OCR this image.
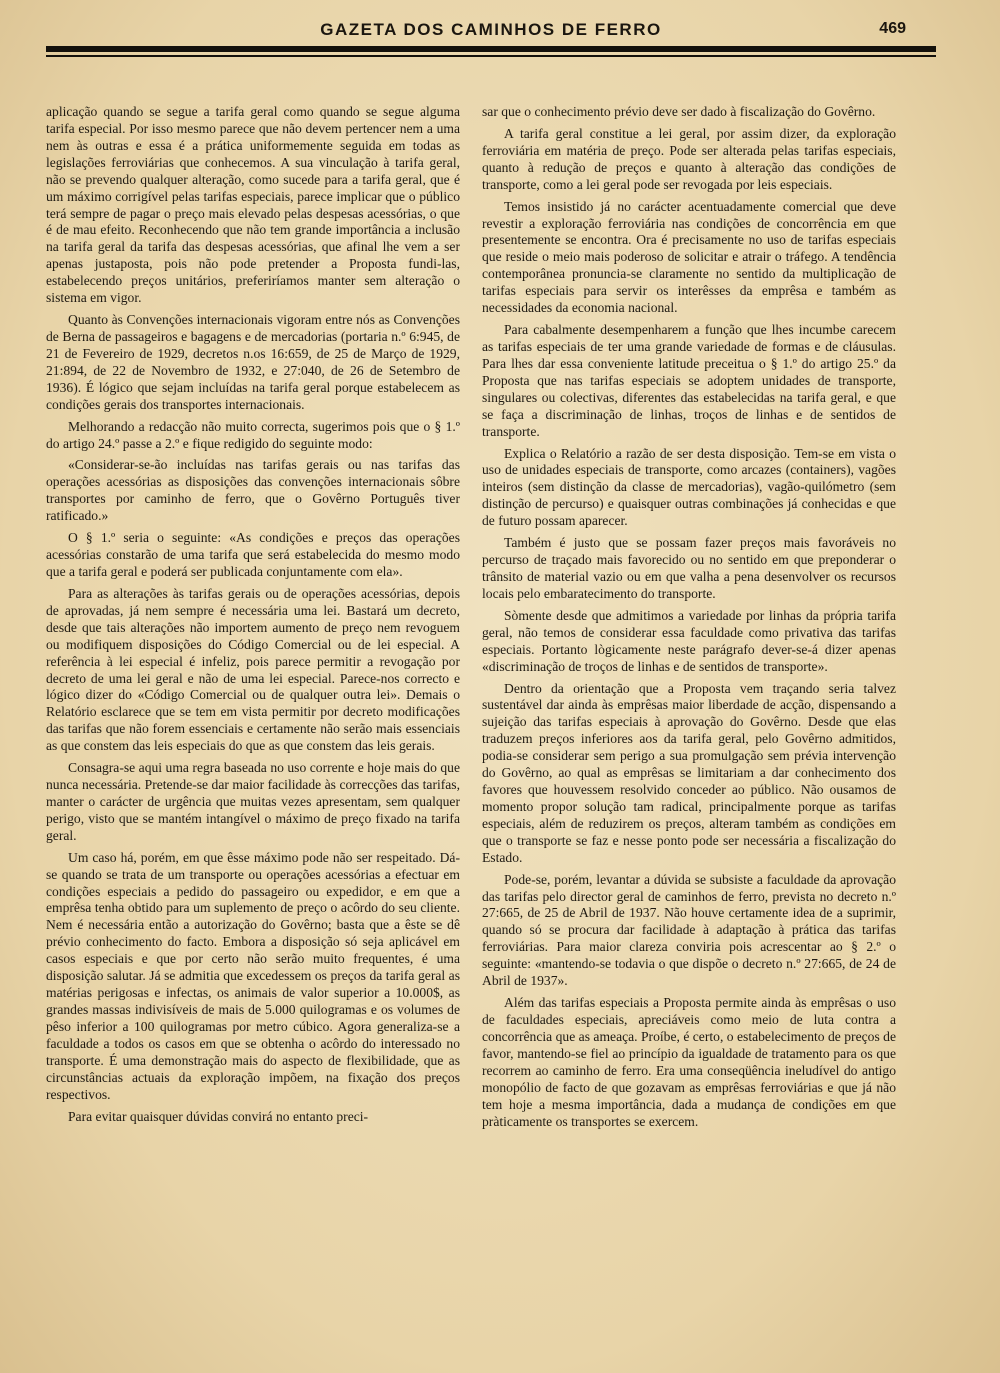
GAZETA DOS CAMINHOS DE FERRO	469

aplicação quando se segue a tarifa geral como quando se segue alguma tarifa especial. Por isso mesmo parece que não devem pertencer nem a uma nem às outras e essa é a prática uniformemente seguida em todas as legislações ferroviárias que conhecemos. A sua vinculação à tarifa geral, não se prevendo qualquer alteração, como sucede para a tarifa geral, que é um máximo corrigível pelas tarifas especiais, parece implicar que o público terá sempre de pagar o preço mais elevado pelas despesas acessórias, o que é de mau efeito. Reconhecendo que não tem grande importância a inclusão na tarifa geral da tarifa das despesas acessórias, que afinal lhe vem a ser apenas justaposta, pois não pode pretender a Proposta fundi-las, estabelecendo preços unitários, preferiríamos manter sem alteração o sistema em vigor.

Quanto às Convenções internacionais vigoram entre nós as Convenções de Berna de passageiros e bagagens e de mercadorias (portaria n.º 6:945, de 21 de Fevereiro de 1929, decretos n.os 16:659, de 25 de Março de 1929, 21:894, de 22 de Novembro de 1932, e 27:040, de 26 de Setembro de 1936). É lógico que sejam incluídas na tarifa geral porque estabelecem as condições gerais dos transportes internacionais.

Melhorando a redacção não muito correcta, sugerimos pois que o § 1.º do artigo 24.º passe a 2.º e fique redigido do seguinte modo:

«Considerar-se-ão incluídas nas tarifas gerais ou nas tarifas das operações acessórias as disposições das convenções internacionais sôbre transportes por caminho de ferro, que o Govêrno Português tiver ratificado.»

O § 1.º seria o seguinte: «As condições e preços das operações acessórias constarão de uma tarifa que será estabelecida do mesmo modo que a tarifa geral e poderá ser publicada conjuntamente com ela».

Para as alterações às tarifas gerais ou de operações acessórias, depois de aprovadas, já nem sempre é necessária uma lei. Bastará um decreto, desde que tais alterações não importem aumento de preço nem revoguem ou modifiquem disposições do Código Comercial ou de lei especial. A referência à lei especial é infeliz, pois parece permitir a revogação por decreto de uma lei geral e não de uma lei especial. Parece-nos correcto e lógico dizer do «Código Comercial ou de qualquer outra lei». Demais o Relatório esclarece que se tem em vista permitir por decreto modificações das tarifas que não forem essenciais e certamente não serão mais essenciais as que constem das leis especiais do que as que constem das leis gerais.

Consagra-se aqui uma regra baseada no uso corrente e hoje mais do que nunca necessária. Pretende-se dar maior facilidade às correcções das tarifas, manter o carácter de urgência que muitas vezes apresentam, sem qualquer perigo, visto que se mantém intangível o máximo de preço fixado na tarifa geral.

Um caso há, porém, em que êsse máximo pode não ser respeitado. Dá-se quando se trata de um transporte ou operações acessórias a efectuar em condições especiais a pedido do passageiro ou expedidor, e em que a emprêsa tenha obtido para um suplemento de preço o acôrdo do seu cliente. Nem é necessária então a autorização do Govêrno; basta que a êste se dê prévio conhecimento do facto. Embora a disposição só seja aplicável em casos especiais e que por certo não serão muito frequentes, é uma disposição salutar. Já se admitia que excedessem os preços da tarifa geral as matérias perigosas e infectas, os animais de valor superior a 10.000$, as grandes massas indivisíveis de mais de 5.000 quilogramas e os volumes de pêso inferior a 100 quilogramas por metro cúbico. Agora generaliza-se a faculdade a todos os casos em que se obtenha o acôrdo do interessado no transporte. É uma demonstração mais do aspecto de flexibilidade, que as circunstâncias actuais da exploração impõem, na fixação dos preços respectivos.

Para evitar quaisquer dúvidas convirá no entanto preci-

sar que o conhecimento prévio deve ser dado à fiscalização do Govêrno.

A tarifa geral constitue a lei geral, por assim dizer, da exploração ferroviária em matéria de preço. Pode ser alterada pelas tarifas especiais, quanto à redução de preços e quanto à alteração das condições de transporte, como a lei geral pode ser revogada por leis especiais.

Temos insistido já no carácter acentuadamente comercial que deve revestir a exploração ferroviária nas condições de concorrência em que presentemente se encontra. Ora é precisamente no uso de tarifas especiais que reside o meio mais poderoso de solicitar e atrair o tráfego. A tendência contemporânea pronuncia-se claramente no sentido da multiplicação de tarifas especiais para servir os interêsses da emprêsa e também as necessidades da economia nacional.

Para cabalmente desempenharem a função que lhes incumbe carecem as tarifas especiais de ter uma grande variedade de formas e de cláusulas. Para lhes dar essa conveniente latitude preceitua o § 1.º do artigo 25.º da Proposta que nas tarifas especiais se adoptem unidades de transporte, singulares ou colectivas, diferentes das estabelecidas na tarifa geral, e que se faça a discriminação de linhas, troços de linhas e de sentidos de transporte.

Explica o Relatório a razão de ser desta disposição. Tem-se em vista o uso de unidades especiais de transporte, como arcazes (containers), vagões inteiros (sem distinção da classe de mercadorias), vagão-quilómetro (sem distinção de percurso) e quaisquer outras combinações já conhecidas e que de futuro possam aparecer.

Também é justo que se possam fazer preços mais favoráveis no percurso de traçado mais favorecido ou no sentido em que preponderar o trânsito de material vazio ou em que valha a pena desenvolver os recursos locais pelo embaratecimento do transporte.

Sòmente desde que admitimos a variedade por linhas da própria tarifa geral, não temos de considerar essa faculdade como privativa das tarifas especiais. Portanto lògicamente neste parágrafo dever-se-á dizer apenas «discriminação de troços de linhas e de sentidos de transporte».

Dentro da orientação que a Proposta vem traçando seria talvez sustentável dar ainda às emprêsas maior liberdade de acção, dispensando a sujeição das tarifas especiais à aprovação do Govêrno. Desde que elas traduzem preços inferiores aos da tarifa geral, pelo Govêrno admitidos, podia-se considerar sem perigo a sua promulgação sem prévia intervenção do Govêrno, ao qual as emprêsas se limitariam a dar conhecimento dos favores que houvessem resolvido conceder ao público. Não ousamos de momento propor solução tam radical, principalmente porque as tarifas especiais, além de reduzirem os preços, alteram também as condições em que o transporte se faz e nesse ponto pode ser necessária a fiscalização do Estado.

Pode-se, porém, levantar a dúvida se subsiste a faculdade da aprovação das tarifas pelo director geral de caminhos de ferro, prevista no decreto n.º 27:665, de 25 de Abril de 1937. Não houve certamente idea de a suprimir, quando só se procura dar facilidade à adaptação à prática das tarifas ferroviárias. Para maior clareza conviria pois acrescentar ao § 2.º o seguinte: «mantendo-se todavia o que dispõe o decreto n.º 27:665, de 24 de Abril de 1937».

Além das tarifas especiais a Proposta permite ainda às emprêsas o uso de faculdades especiais, apreciáveis como meio de luta contra a concorrência que as ameaça. Proíbe, é certo, o estabelecimento de preços de favor, mantendo-se fiel ao princípio da igualdade de tratamento para os que recorrem ao caminho de ferro. Era uma conseqüência ineludível do antigo monopólio de facto de que gozavam as emprêsas ferroviárias e que já não tem hoje a mesma importância, dada a mudança de condições em que pràticamente os transportes se exercem.
